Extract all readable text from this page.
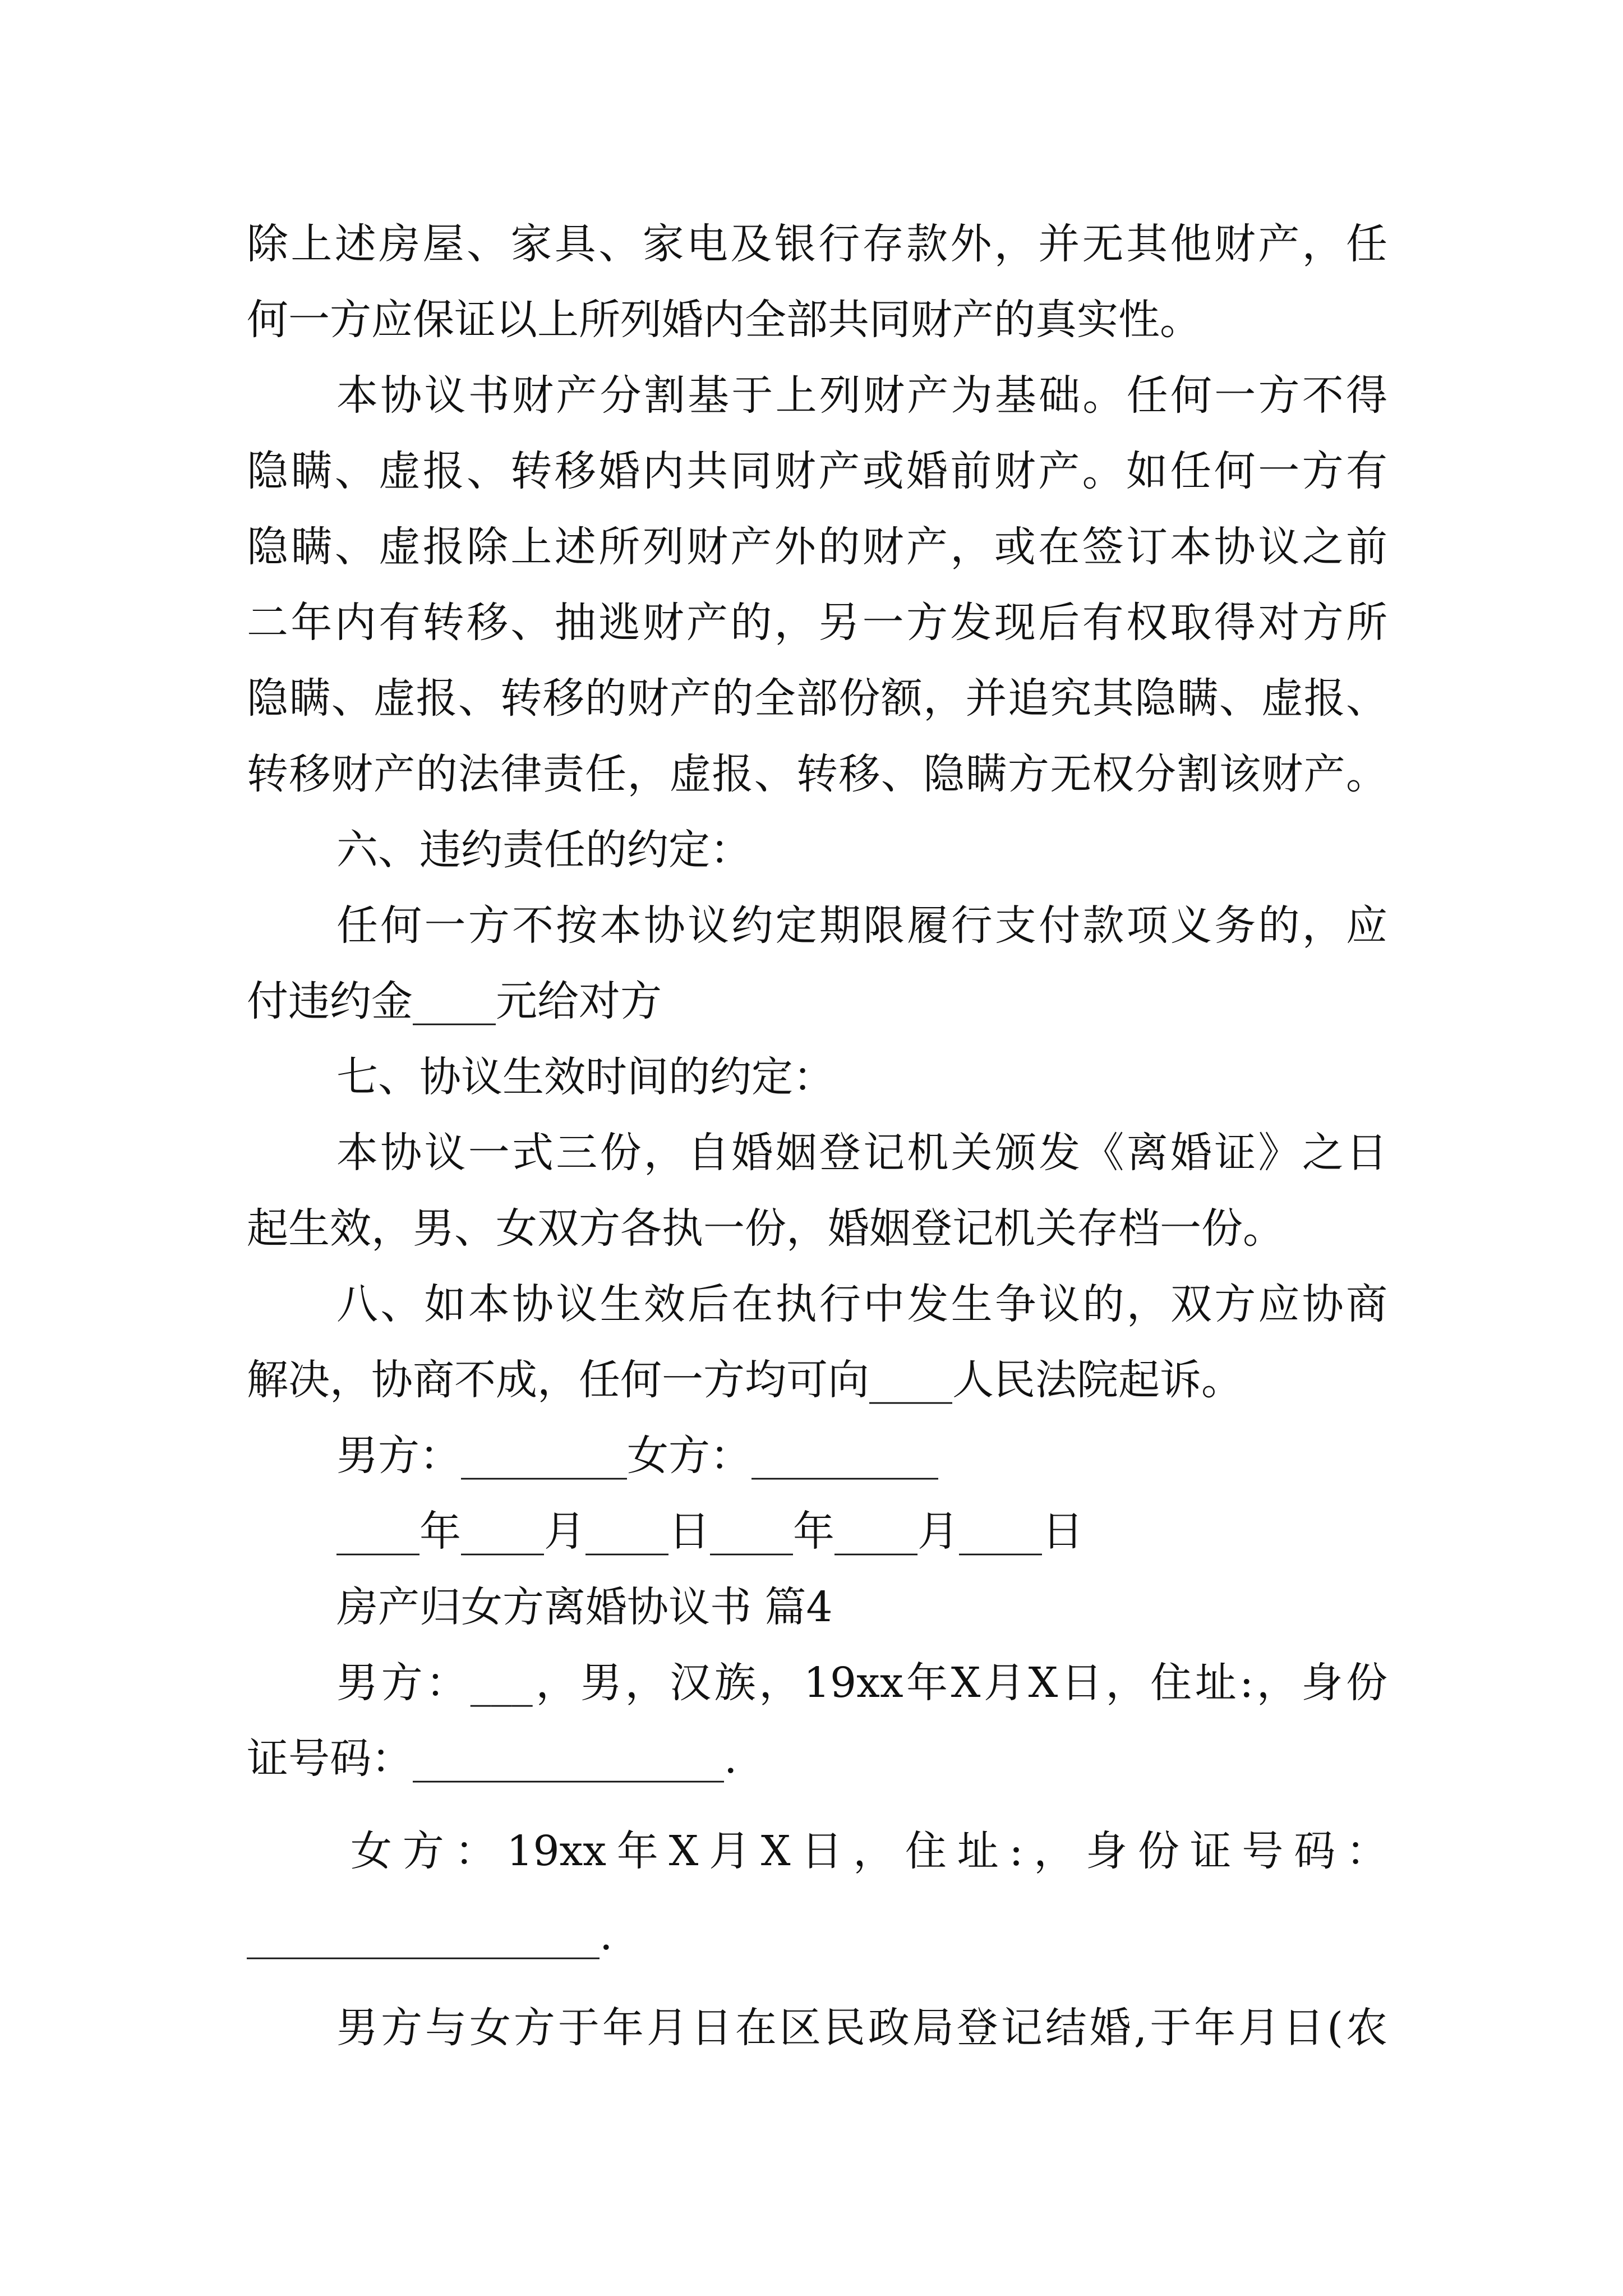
除上述房屋、家具、家电及银行存款外，并无其他财产，任
何一方应保证以上所列婚内全部共同财产的真实性。
本协议书财产分割基于上列财产为基础。任何一方不得
隐瞒、虚报、转移婚内共同财产或婚前财产。如任何一方有
隐瞒、虚报除上述所列财产外的财产，或在签订本协议之前
二年内有转移、抽逃财产的，另一方发现后有权取得对方所
隐瞒、虚报、转移的财产的全部份额，并追究其隐瞒、虚报、
转移财产的法律责任，虚报、转移、隐瞒方无权分割该财产。
六、违约责任的约定：
任何一方不按本协议约定期限履行支付款项义务的，应
付违约金____元给对方
七、协议生效时间的约定：
本协议一式三份，自婚姻登记机关颁发《离婚证》之日
起生效，男、女双方各执一份，婚姻登记机关存档一份。
八、如本协议生效后在执行中发生争议的，双方应协商
解决，协商不成，任何一方均可向____人民法院起诉。
男方：________女方：_________
____年____月____日____年____月____日
房产归女方离婚协议书 篇4
男方：___，男，汉族，19xx年X月X日，住址:，身份
证号码：_______________.
女方：19xx年X月X日，住址:，身份证号码：
_________________.
男方与女方于年月日在区民政局登记结婚,于年月日(农
